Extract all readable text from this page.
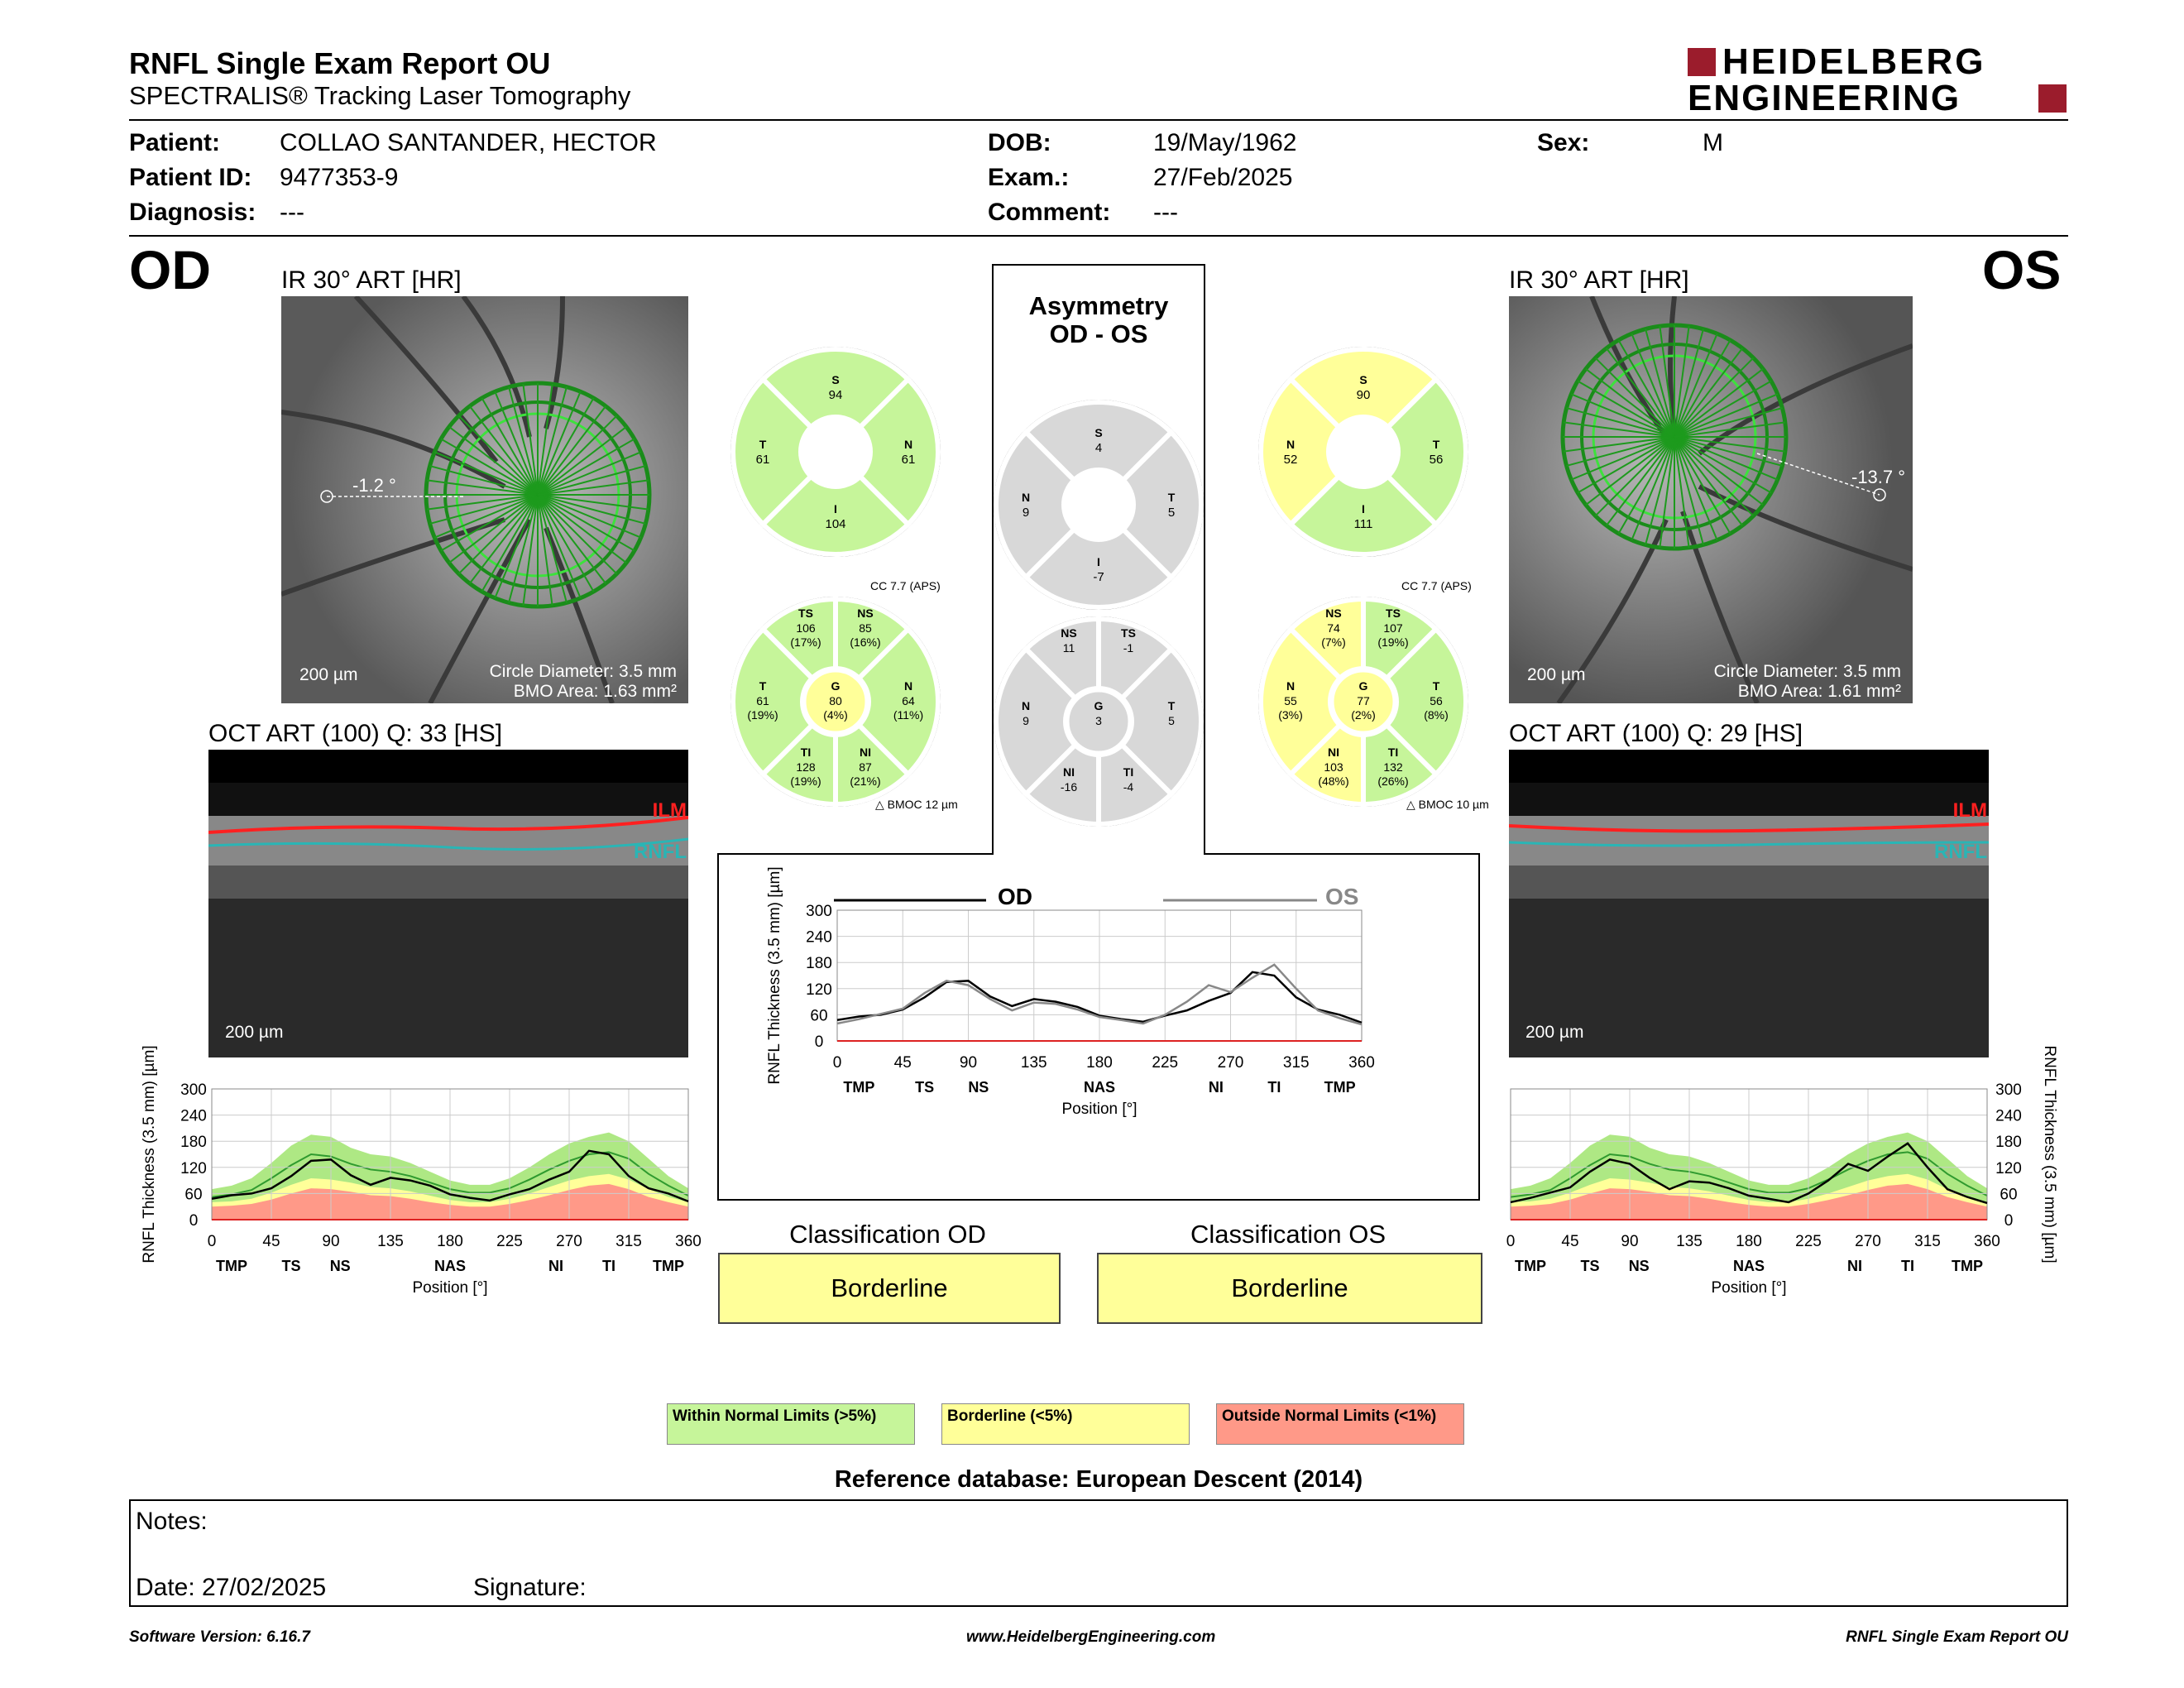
RNFL Single Exam Report OU
SPECTRALIS® Tracking Laser Tomography
HEIDELBERG
ENGINEERING
Patient: COLLAO SANTANDER, HECTOR
Patient ID: 9477353-9
Diagnosis: ---
DOB:	19/May/1962
Exam.:	27/Feb/2025
Comment: ---
Sex:	M
OD	OS
IR 30° ART [HR]
-1.2 °
200 µm	Circle Diameter: 3.5 mm
BMO Area: 1.63 mm²
IR 30° ART [HR]
-13.7 °
200 µm	Circle Diameter: 3.5 mm
BMO Area: 1.61 mm²
OCT ART (100) Q: 33 [HS]
ILM
RNFL
200 µm
OCT ART (100) Q: 29 [HS]
ILM
RNFL
200 µm
Asymmetry
OD - OS
S
94
T
61
N
61
I
104
TS
106
(17%)
NS
85
(16%)
T
61
(19%)
G
80
(4%)
N
64
(11%)
TI
128
(19%)
NI
87
(21%)
S
90
N
52
T
56
I
111
NS
74
(7%)
TS
107
(19%)
N
55
(3%)
G
77
(2%)
T
56
(8%)
NI
103
(48%)
TI
132
(26%)
S
4
N
9
T
5
I
-7
NS
11
TS
-1
N
9
G
3
T
5
NI
-16
TI
-4
CC 7.7 (APS)
△ BMOC 12 µm
CC 7.7 (APS)
△ BMOC 10 µm
0
60
120
180
240
300
0	45	90 135 180 225 270 315 360
TMP TS NS	NAS	NI	TI	TMP
Position [°]
RNFL Thickness (3.5 mm) [µm]
0
60
120
180
240
300
0	45	90	135	180	225	270	315	360
TMP	TS NS	NAS	NI	TI	TMP
Position [°]
RNFL Thickness (3.5 mm) [µm]
0
60
120
180
240
300
0	45	90 135 180 225 270 315 360
TMP TS NS	NAS	NI	TI	TMP
Position [°]
RNFL Thickness (3.5 mm) [µm]
OD	OS
Classification OD
Borderline
Classification OS
Borderline
Within Normal Limits (>5%)	Borderline (<5%)	Outside Normal Limits (<1%)
Reference database: European Descent (2014)
Notes:
Date: 27/02/2025	Signature:
Software Version: 6.16.7	www.HeidelbergEngineering.com	RNFL Single Exam Report OU
